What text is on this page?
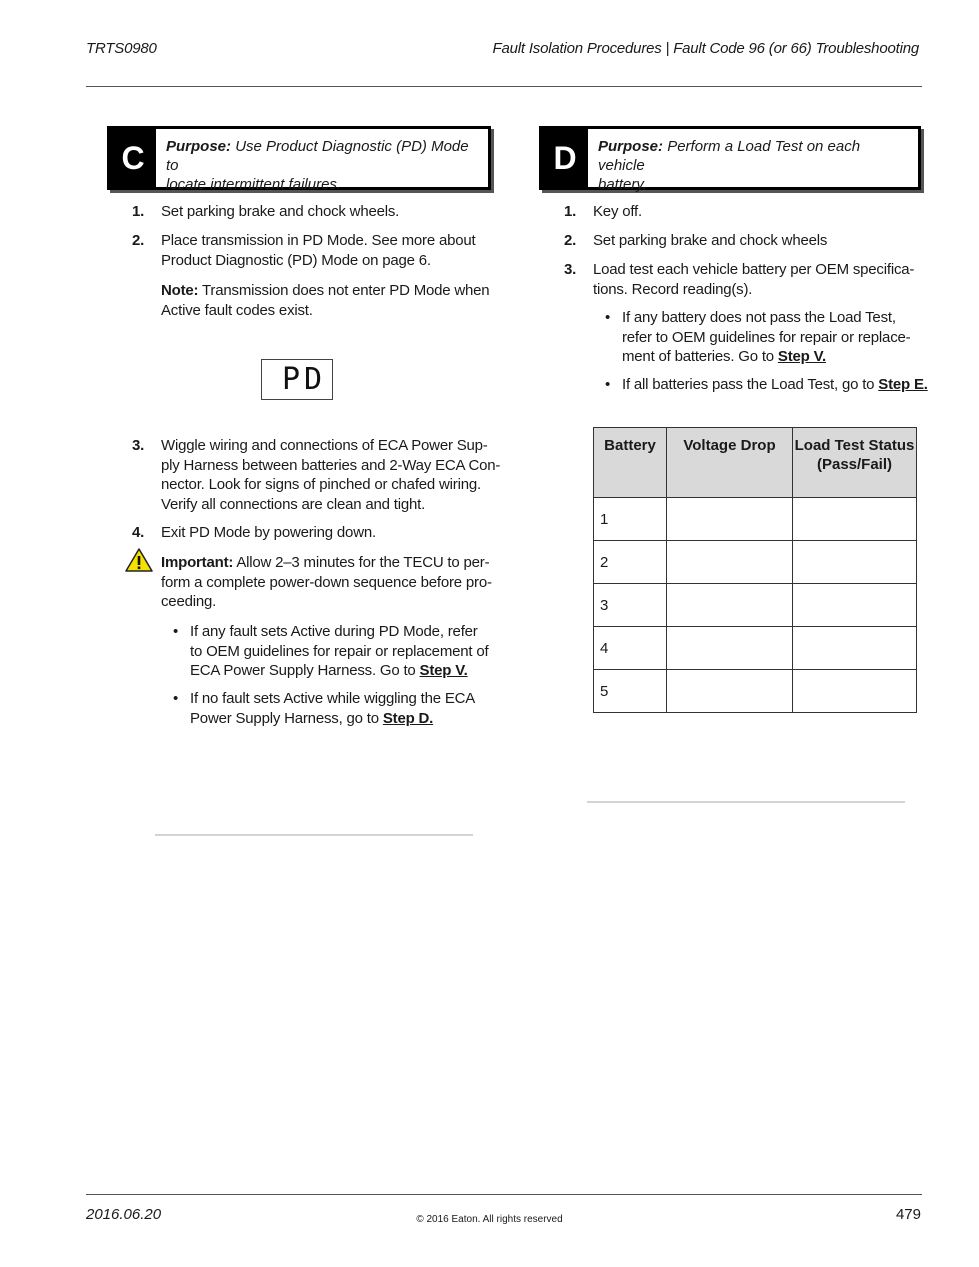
TRTS0980	Fault Isolation Procedures | Fault Code 96 (or 66) Troubleshooting
C	Purpose: Use Product Diagnostic (PD) Mode to
locate intermittent failures.
1. Set parking brake and chock wheels.
2. Place transmission in PD Mode. See more about
Product Diagnostic (PD) Mode on page 6.
Note: Transmission does not enter PD Mode when
Active fault codes exist.
PD
3. Wiggle wiring and connections of ECA Power Sup-
ply Harness between batteries and 2-Way ECA Con-
nector. Look for signs of pinched or chafed wiring.
Verify all connections are clean and tight.
4. Exit PD Mode by powering down.
Important: Allow 2–3 minutes for the TECU to per-
form a complete power-down sequence before pro-
ceeding.
• If any fault sets Active during PD Mode, refer
to OEM guidelines for repair or replacement of
ECA Power Supply Harness. Go to Step V.
• If no fault sets Active while wiggling the ECA
Power Supply Harness, go to Step D.
D	Purpose: Perform a Load Test on each vehicle
battery.
1. Key off.
2. Set parking brake and chock wheels
3. Load test each vehicle battery per OEM specifica-
tions. Record reading(s).
• If any battery does not pass the Load Test,
refer to OEM guidelines for repair or replace-
ment of batteries. Go to Step V.
• If all batteries pass the Load Test, go to Step E.
Battery	Voltage Drop	Load Test Status
(Pass/Fail)
1		
2		
3		
4		
5		
2016.06.20	© 2016 Eaton. All rights reserved	479
